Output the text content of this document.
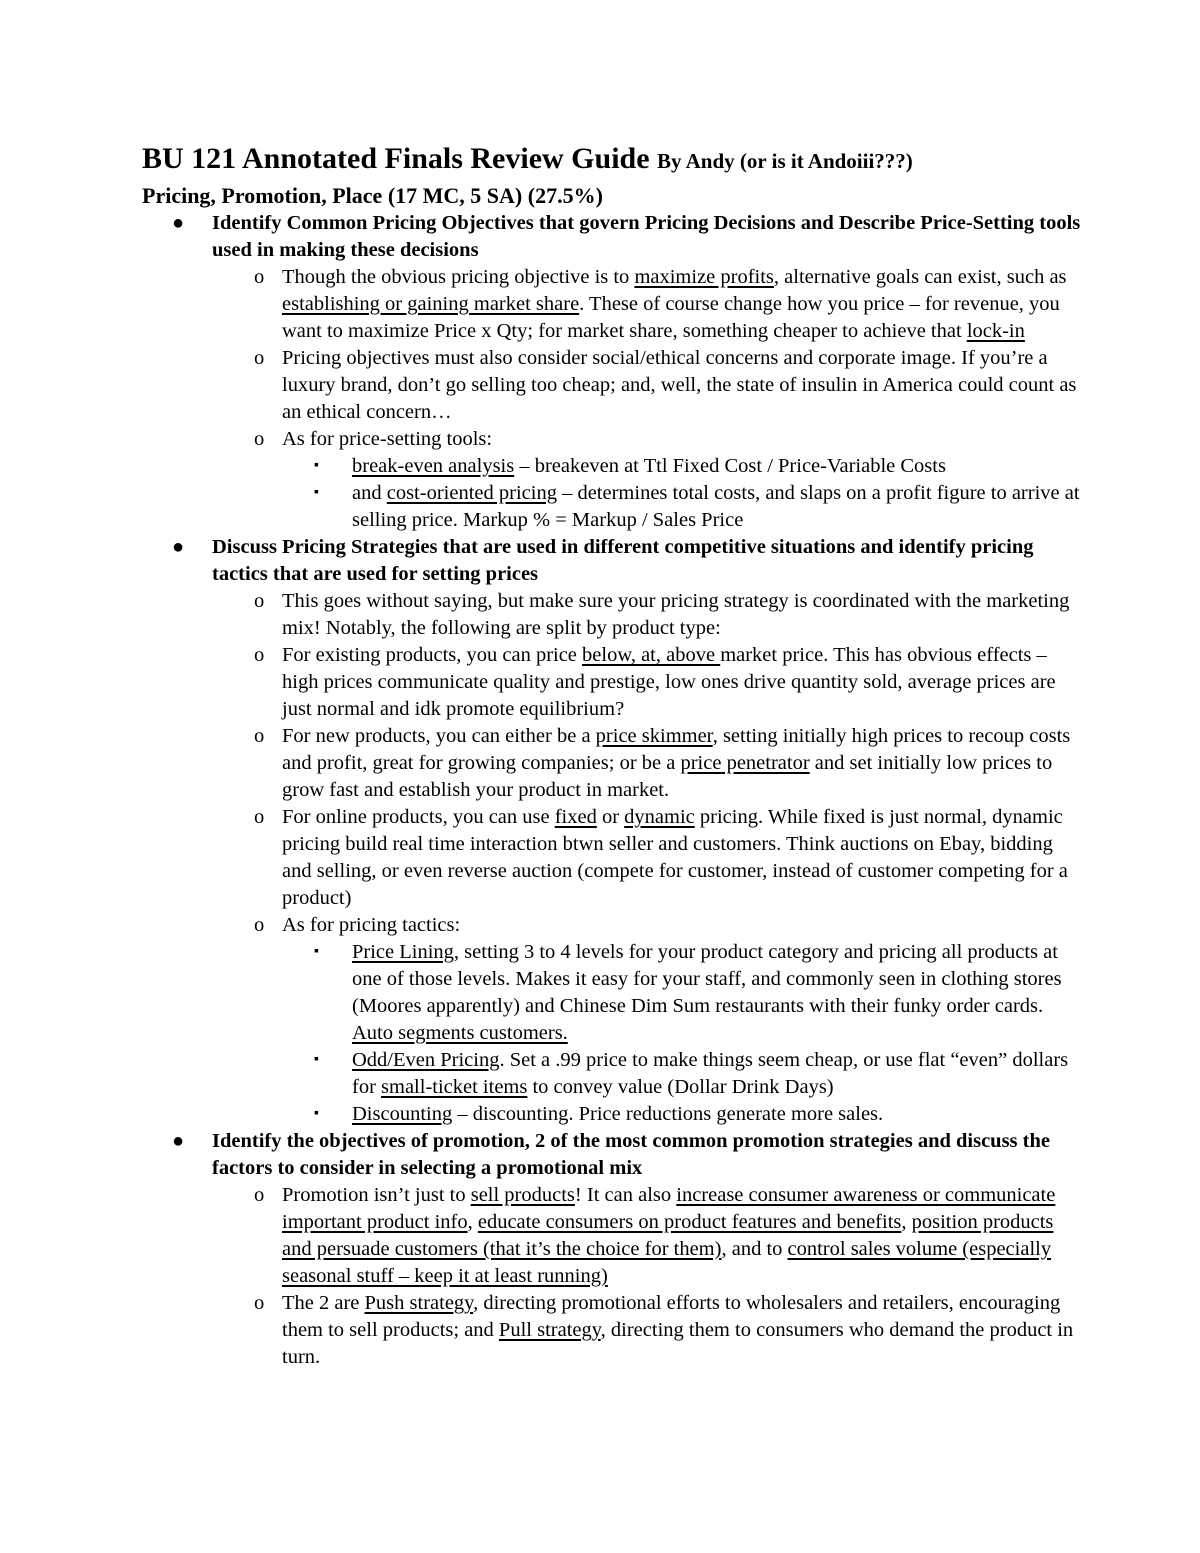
BU 121 Annotated Finals Review Guide By Andy (or is it Andoiii???)
Pricing, Promotion, Place (17 MC, 5 SA) (27.5%)
● Identify Common Pricing Objectives that govern Pricing Decisions and Describe Price-Setting tools used in making these decisions
o Though the obvious pricing objective is to maximize profits, alternative goals can exist, such as establishing or gaining market share. These of course change how you price – for revenue, you want to maximize Price x Qty; for market share, something cheaper to achieve that lock-in
o Pricing objectives must also consider social/ethical concerns and corporate image. If you’re a luxury brand, don’t go selling too cheap; and, well, the state of insulin in America could count as an ethical concern…
o As for price-setting tools:
▪ break-even analysis – breakeven at Ttl Fixed Cost / Price-Variable Costs
▪ and cost-oriented pricing – determines total costs, and slaps on a profit figure to arrive at selling price. Markup % = Markup / Sales Price
● Discuss Pricing Strategies that are used in different competitive situations and identify pricing tactics that are used for setting prices
o This goes without saying, but make sure your pricing strategy is coordinated with the marketing mix! Notably, the following are split by product type:
o For existing products, you can price below, at, above market price. This has obvious effects – high prices communicate quality and prestige, low ones drive quantity sold, average prices are just normal and idk promote equilibrium?
o For new products, you can either be a price skimmer, setting initially high prices to recoup costs and profit, great for growing companies; or be a price penetrator and set initially low prices to grow fast and establish your product in market.
o For online products, you can use fixed or dynamic pricing. While fixed is just normal, dynamic pricing build real time interaction btwn seller and customers. Think auctions on Ebay, bidding and selling, or even reverse auction (compete for customer, instead of customer competing for a product)
o As for pricing tactics:
▪ Price Lining, setting 3 to 4 levels for your product category and pricing all products at one of those levels. Makes it easy for your staff, and commonly seen in clothing stores (Moores apparently) and Chinese Dim Sum restaurants with their funky order cards. Auto segments customers.
▪ Odd/Even Pricing. Set a .99 price to make things seem cheap, or use flat “even” dollars for small-ticket items to convey value (Dollar Drink Days)
▪ Discounting – discounting. Price reductions generate more sales.
● Identify the objectives of promotion, 2 of the most common promotion strategies and discuss the factors to consider in selecting a promotional mix
o Promotion isn’t just to sell products! It can also increase consumer awareness or communicate important product info, educate consumers on product features and benefits, position products and persuade customers (that it’s the choice for them), and to control sales volume (especially seasonal stuff – keep it at least running)
o The 2 are Push strategy, directing promotional efforts to wholesalers and retailers, encouraging them to sell products; and Pull strategy, directing them to consumers who demand the product in turn.
